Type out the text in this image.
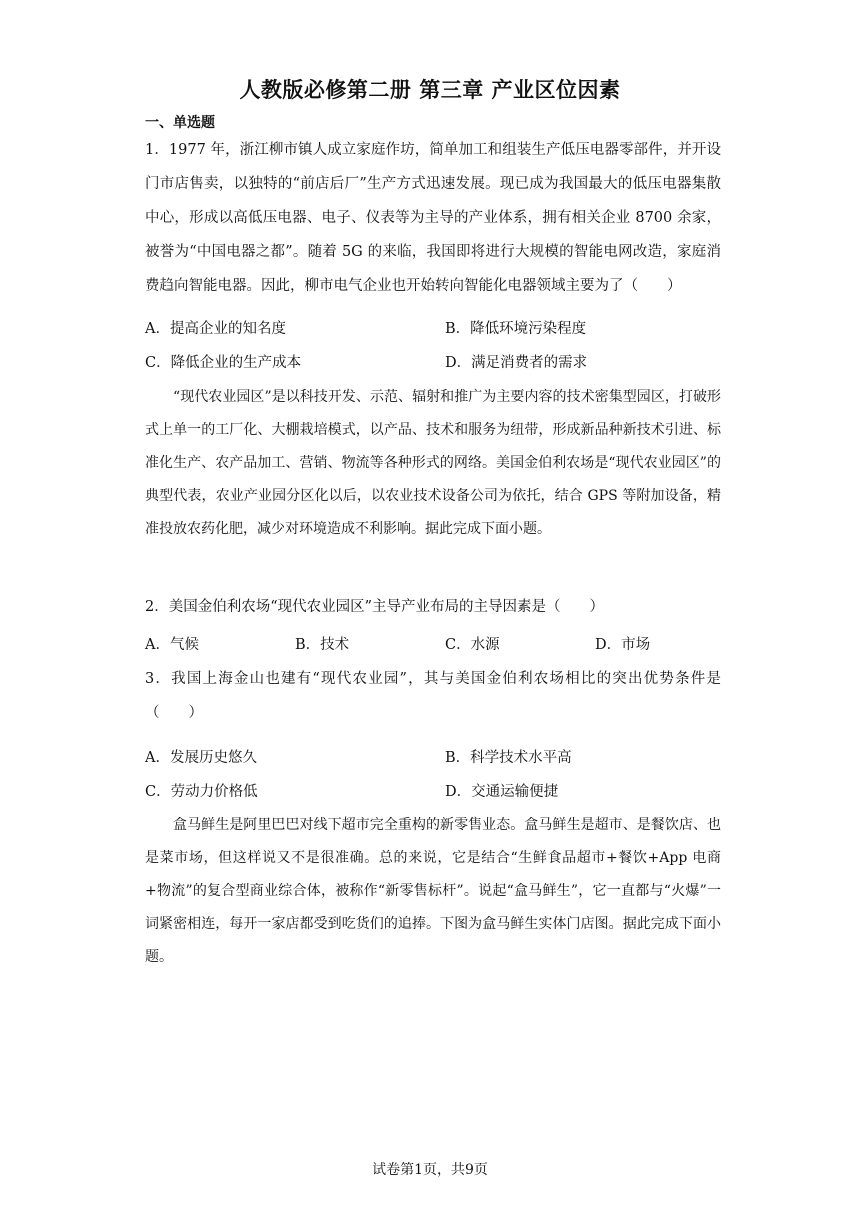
人教版必修第二册 第三章 产业区位因素
一、单选题
1．1977 年，浙江柳市镇人成立家庭作坊，简单加工和组装生产低压电器零部件，并开设门市店售卖，以独特的“前店后厂”生产方式迅速发展。现已成为我国最大的低压电器集散中心，形成以高低压电器、电子、仪表等为主导的产业体系，拥有相关企业 8700 余家，被誉为“中国电器之都”。随着 5G 的来临，我国即将进行大规模的智能电网改造，家庭消费趋向智能电器。因此，柳市电气企业也开始转向智能化电器领域主要为了（　　）
A．提高企业的知名度	B．降低环境污染程度
C．降低企业的生产成本	D．满足消费者的需求
“现代农业园区”是以科技开发、示范、辐射和推广为主要内容的技术密集型园区，打破形式上单一的工厂化、大棚栽培模式，以产品、技术和服务为纽带，形成新品种新技术引进、标准化生产、农产品加工、营销、物流等各种形式的网络。美国金伯利农场是“现代农业园区”的典型代表，农业产业园分区化以后，以农业技术设备公司为依托，结合 GPS 等附加设备，精准投放农药化肥，减少对环境造成不利影响。据此完成下面小题。
2．美国金伯利农场“现代农业园区”主导产业布局的主导因素是（　　）
A．气候	B．技术	C．水源	D．市场
3．我国上海金山也建有“现代农业园”，其与美国金伯利农场相比的突出优势条件是（　　）
A．发展历史悠久	B．科学技术水平高
C．劳动力价格低	D．交通运输便捷
盒马鲜生是阿里巴巴对线下超市完全重构的新零售业态。盒马鲜生是超市、是餐饮店、也是菜市场，但这样说又不是很准确。总的来说，它是结合“生鲜食品超市+餐饮+App 电商+物流”的复合型商业综合体，被称作“新零售标杆”。说起“盒马鲜生”，它一直都与“火爆”一词紧密相连，每开一家店都受到吃货们的追捧。下图为盒马鲜生实体门店图。据此完成下面小题。
试卷第1页，共9页
